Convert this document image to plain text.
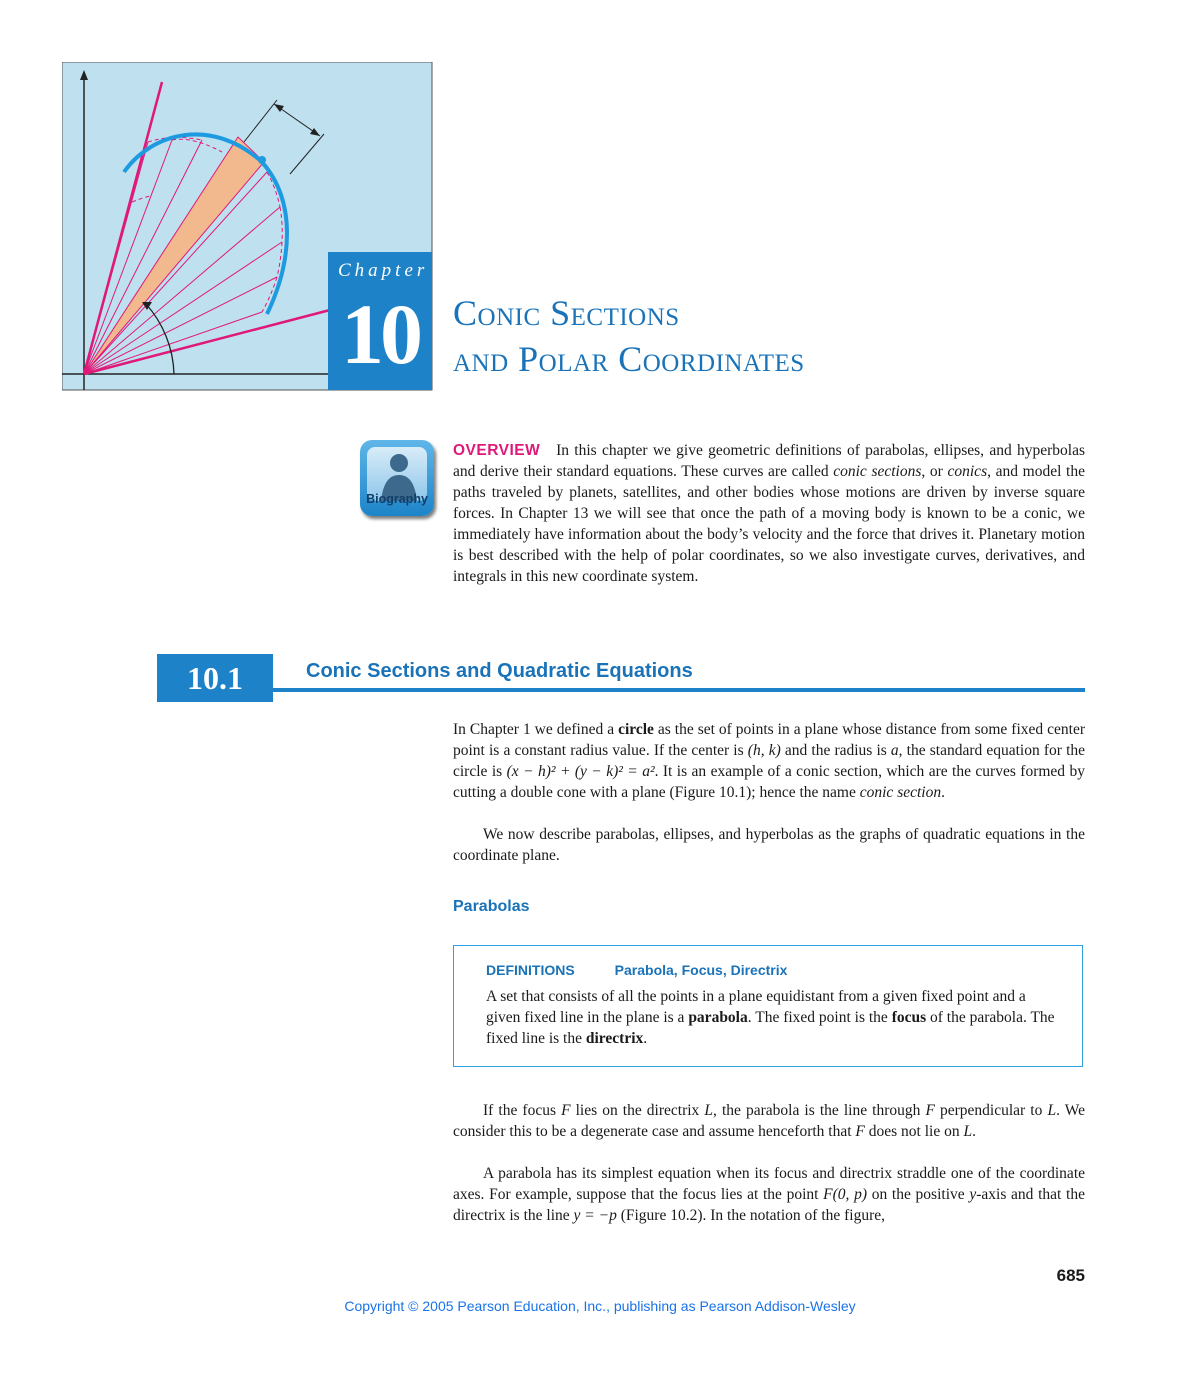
Chapter
10 Conic Sections
and Polar Coordinates
Biography
OVERVIEW In this chapter we give geometric definitions of parabolas, ellipses, and hyperbolas and derive their standard equations. These curves are called conic sections, or conics, and model the paths traveled by planets, satellites, and other bodies whose motions are driven by inverse square forces. In Chapter 13 we will see that once the path of a moving body is known to be a conic, we immediately have information about the body’s velocity and the force that drives it. Planetary motion is best described with the help of polar coordinates, so we also investigate curves, derivatives, and integrals in this new coordinate system.
10.1	Conic Sections and Quadratic Equations
In Chapter 1 we defined a circle as the set of points in a plane whose distance from some fixed center point is a constant radius value. If the center is (h, k) and the radius is a, the standard equation for the circle is (x − h)² + (y − k)² = a². It is an example of a conic section, which are the curves formed by cutting a double cone with a plane (Figure 10.1); hence the name conic section.
We now describe parabolas, ellipses, and hyperbolas as the graphs of quadratic equations in the coordinate plane.
Parabolas
DEFINITIONS	Parabola, Focus, Directrix
A set that consists of all the points in a plane equidistant from a given fixed point and a given fixed line in the plane is a parabola. The fixed point is the focus of the parabola. The fixed line is the directrix.
If the focus F lies on the directrix L, the parabola is the line through F perpendicular to L. We consider this to be a degenerate case and assume henceforth that F does not lie on L.
A parabola has its simplest equation when its focus and directrix straddle one of the coordinate axes. For example, suppose that the focus lies at the point F(0, p) on the positive y-axis and that the directrix is the line y = −p (Figure 10.2). In the notation of the figure,
685
Copyright © 2005 Pearson Education, Inc., publishing as Pearson Addison-Wesley
